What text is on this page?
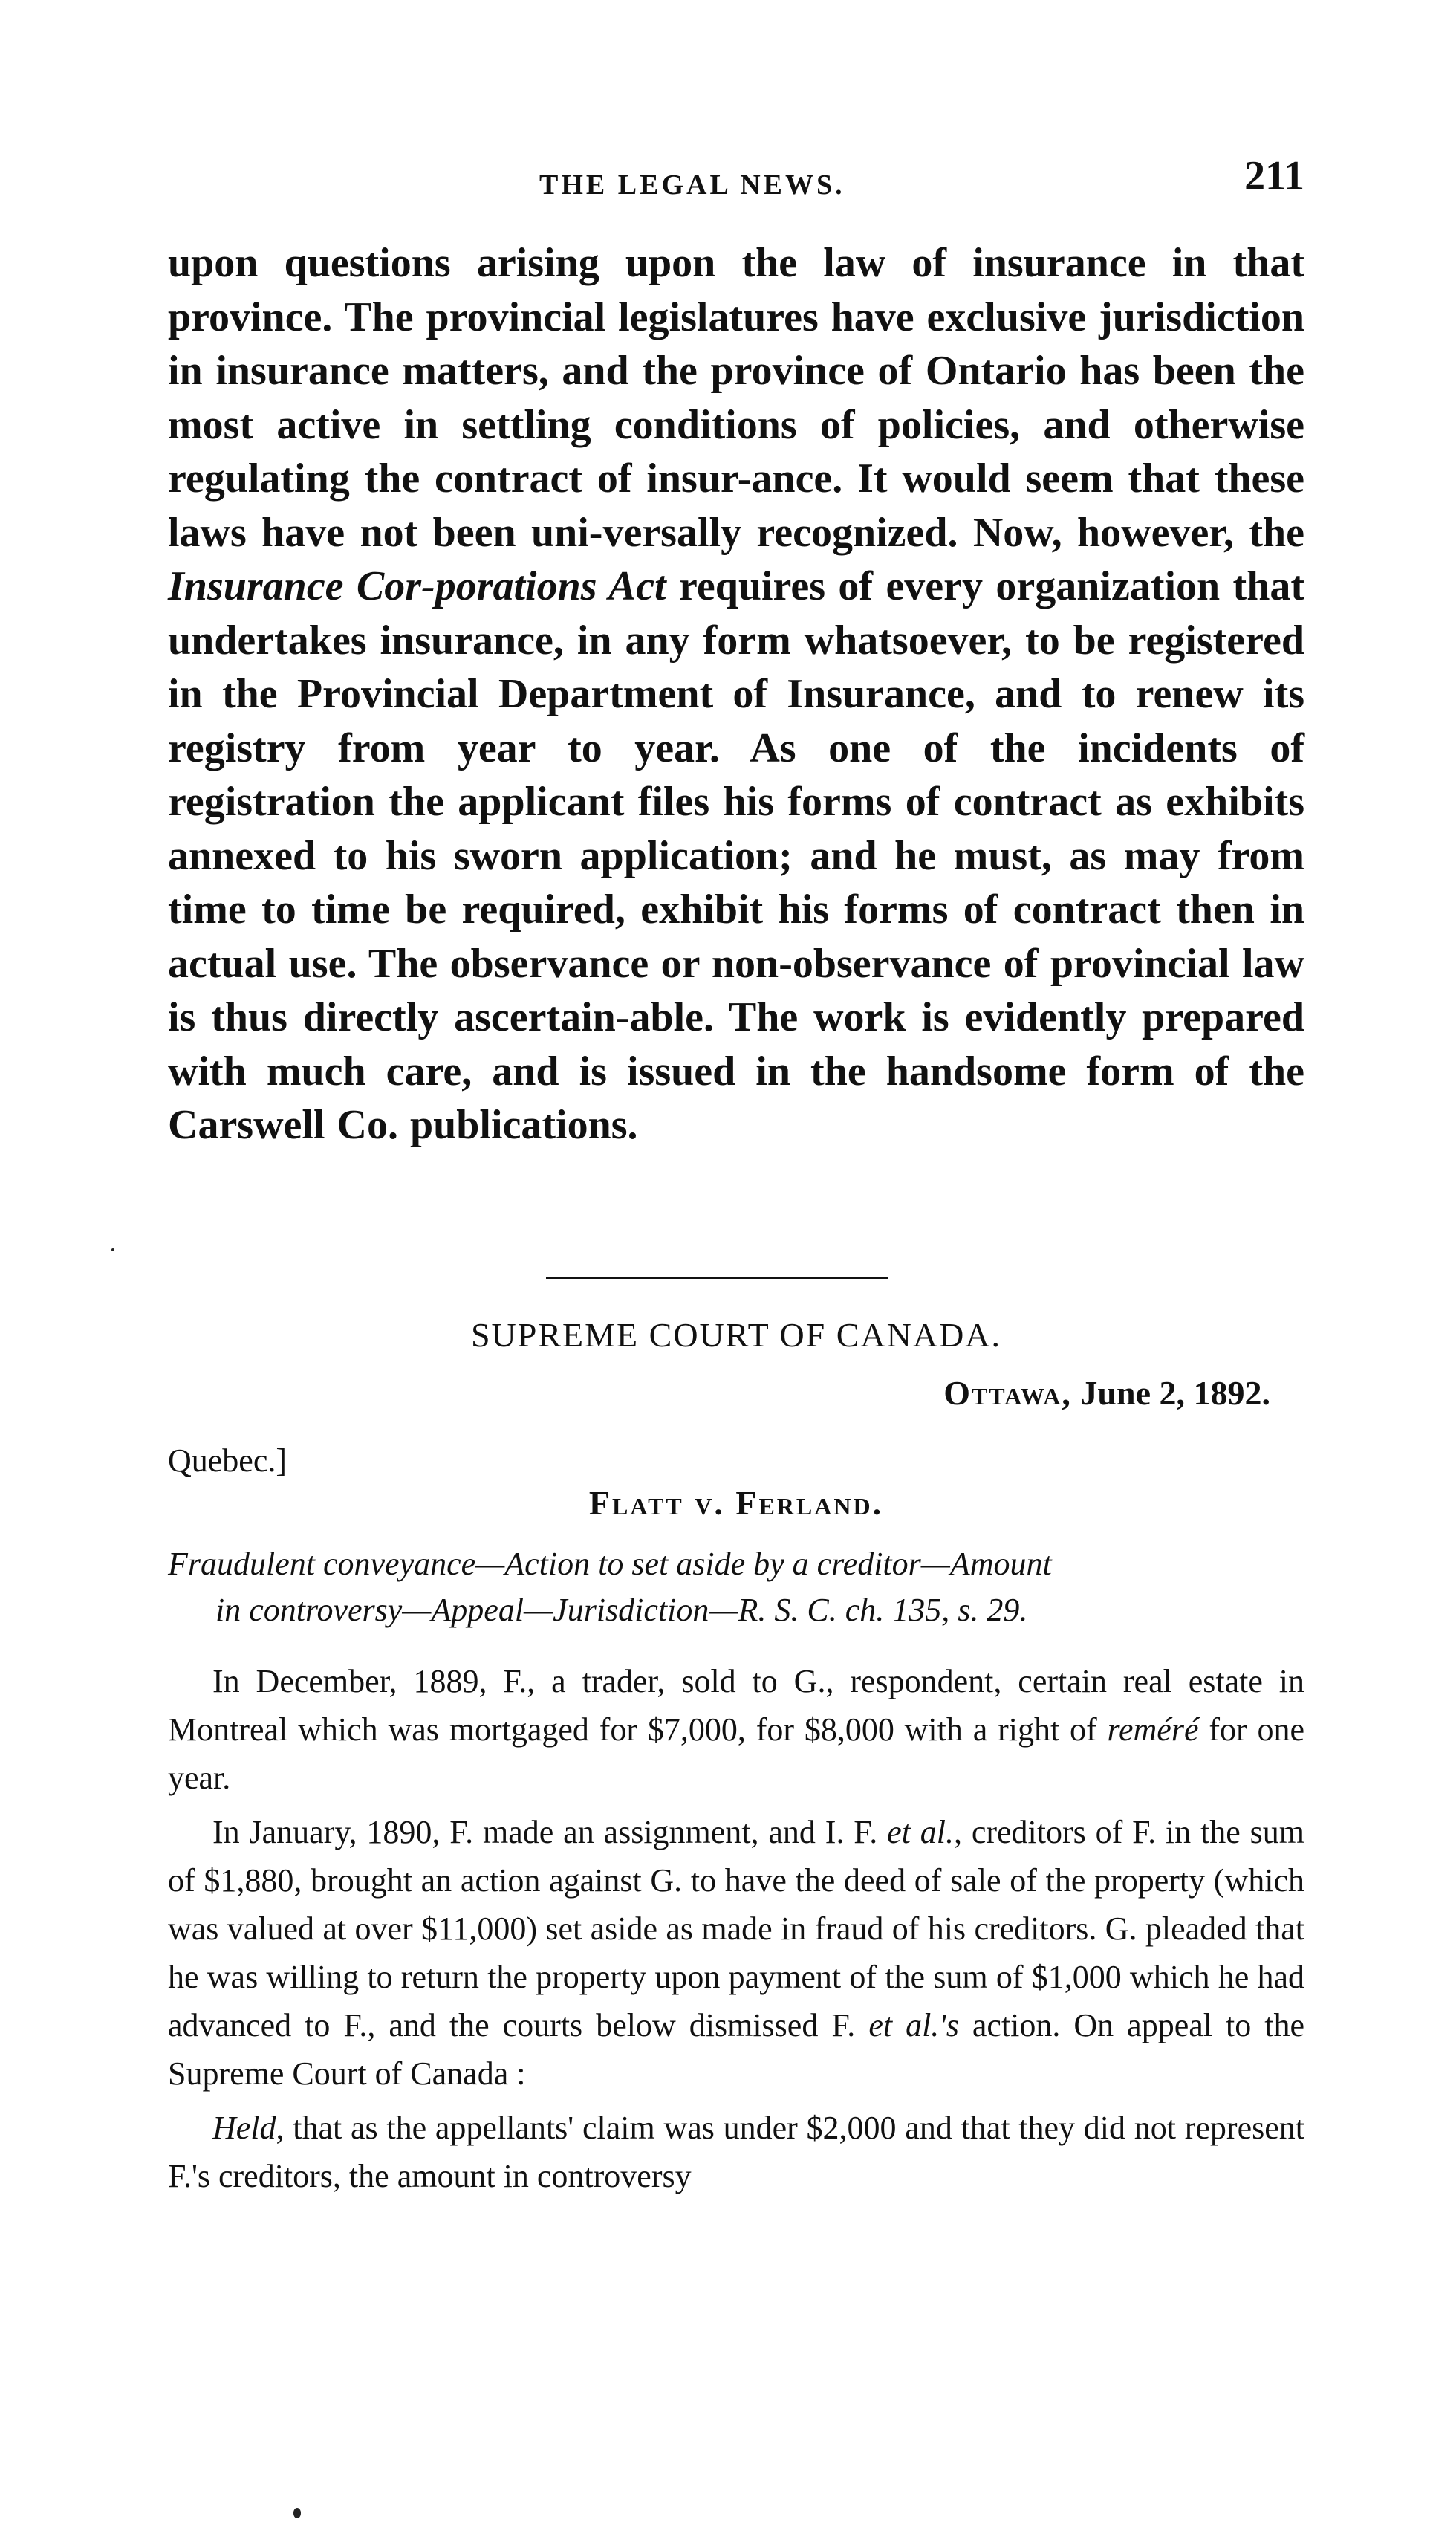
THE LEGAL NEWS.	211

upon questions arising upon the law of insurance in that province. The provincial legislatures have exclusive jurisdiction in insurance matters, and the province of Ontario has been the most active in settling conditions of policies, and otherwise regulating the contract of insur-ance. It would seem that these laws have not been uni-versally recognized. Now, however, the Insurance Cor-porations Act requires of every organization that undertakes insurance, in any form whatsoever, to be registered in the Provincial Department of Insurance, and to renew its registry from year to year. As one of the incidents of registration the applicant files his forms of contract as exhibits annexed to his sworn application; and he must, as may from time to time be required, exhibit his forms of contract then in actual use. The observance or non-observance of provincial law is thus directly ascertain-able. The work is evidently prepared with much care, and is issued in the handsome form of the Carswell Co. publications.

SUPREME COURT OF CANADA.
Ottawa, June 2, 1892.
Quebec.]
Flatt v. Ferland.
Fraudulent conveyance—Action to set aside by a creditor—Amount
in controversy—Appeal—Jurisdiction—R. S. C. ch. 135, s. 29.

In December, 1889, F., a trader, sold to G., respondent, certain real estate in Montreal which was mortgaged for $7,000, for $8,000 with a right of reméré for one year.

In January, 1890, F. made an assignment, and I. F. et al., creditors of F. in the sum of $1,880, brought an action against G. to have the deed of sale of the property (which was valued at over $11,000) set aside as made in fraud of his creditors. G. pleaded that he was willing to return the property upon payment of the sum of $1,000 which he had advanced to F., and the courts below dismissed F. et al.'s action. On appeal to the Supreme Court of Canada :

Held, that as the appellants' claim was under $2,000 and that they did not represent F.'s creditors, the amount in controversy
